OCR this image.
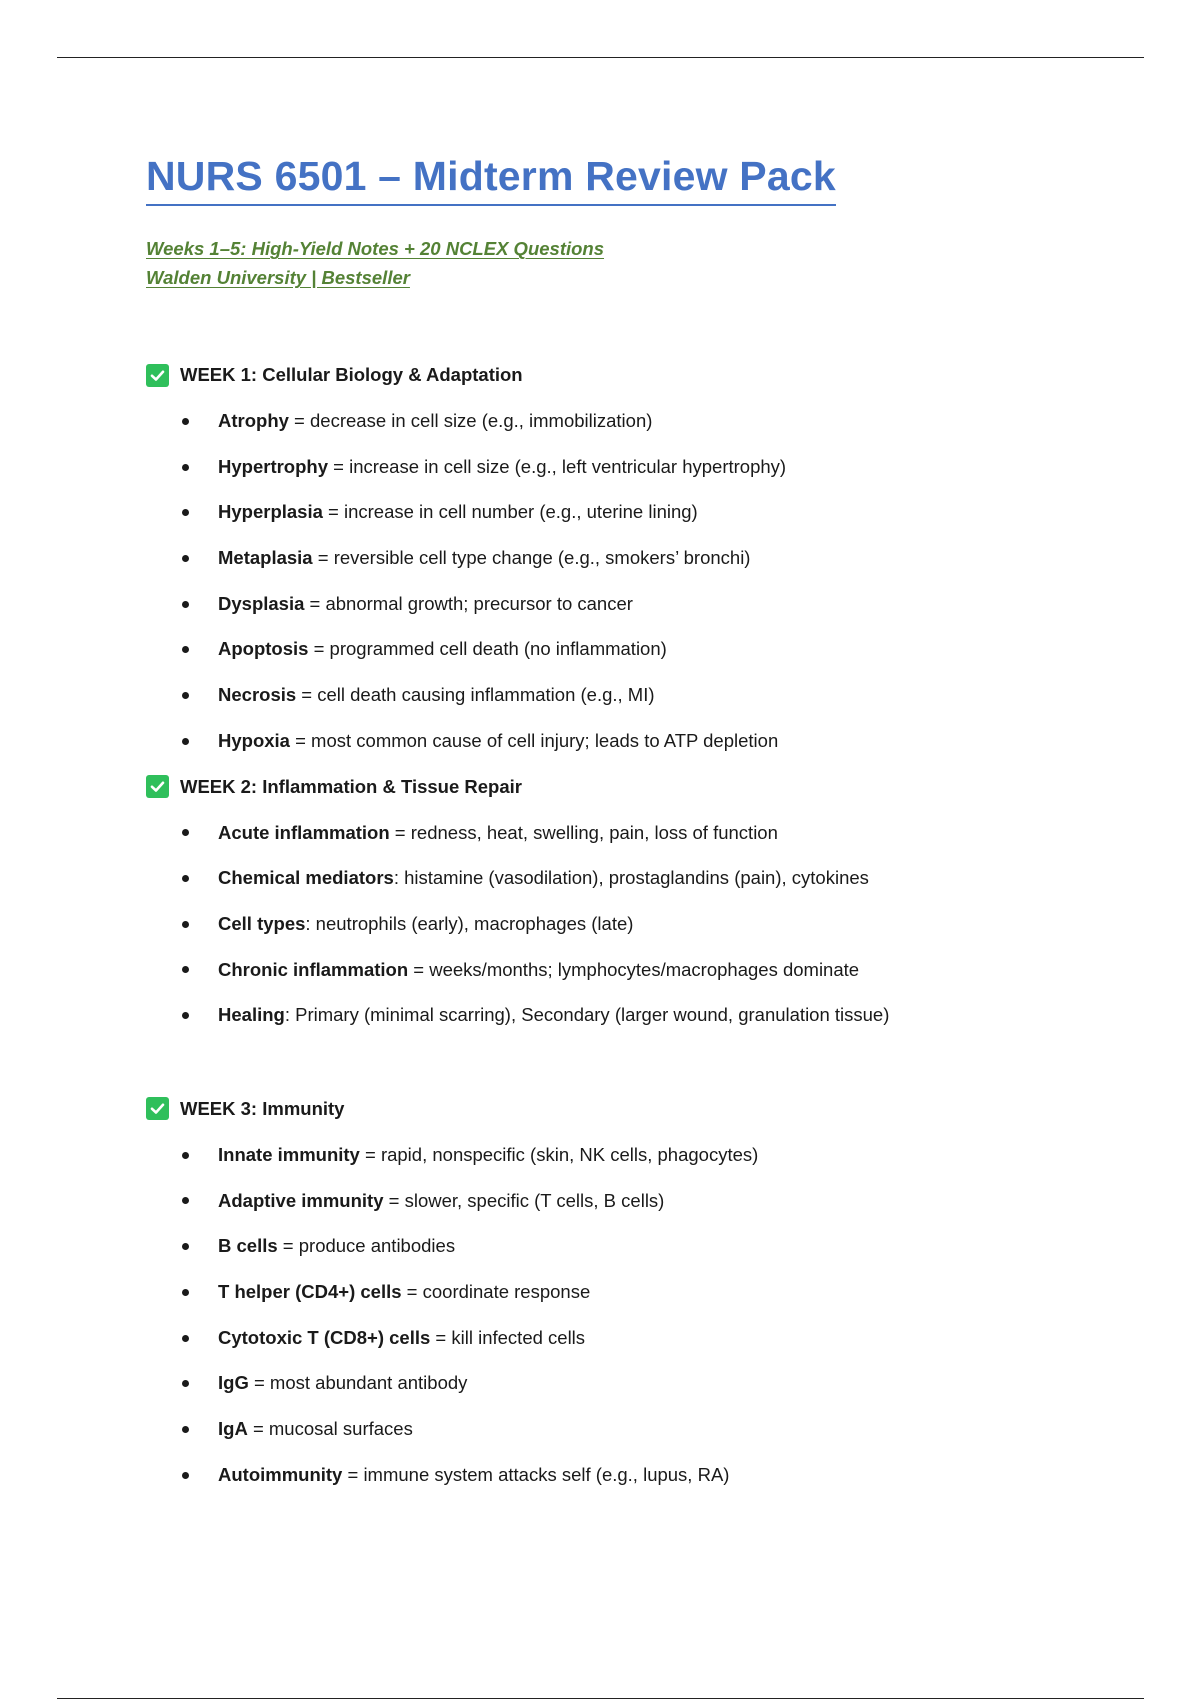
NURS 6501 – Midterm Review Pack
Weeks 1–5: High-Yield Notes + 20 NCLEX Questions
Walden University | Bestseller
WEEK 1: Cellular Biology & Adaptation
Atrophy = decrease in cell size (e.g., immobilization)
Hypertrophy = increase in cell size (e.g., left ventricular hypertrophy)
Hyperplasia = increase in cell number (e.g., uterine lining)
Metaplasia = reversible cell type change (e.g., smokers’ bronchi)
Dysplasia = abnormal growth; precursor to cancer
Apoptosis = programmed cell death (no inflammation)
Necrosis = cell death causing inflammation (e.g., MI)
Hypoxia = most common cause of cell injury; leads to ATP depletion
WEEK 2: Inflammation & Tissue Repair
Acute inflammation = redness, heat, swelling, pain, loss of function
Chemical mediators: histamine (vasodilation), prostaglandins (pain), cytokines
Cell types: neutrophils (early), macrophages (late)
Chronic inflammation = weeks/months; lymphocytes/macrophages dominate
Healing: Primary (minimal scarring), Secondary (larger wound, granulation tissue)
WEEK 3: Immunity
Innate immunity = rapid, nonspecific (skin, NK cells, phagocytes)
Adaptive immunity = slower, specific (T cells, B cells)
B cells = produce antibodies
T helper (CD4+) cells = coordinate response
Cytotoxic T (CD8+) cells = kill infected cells
IgG = most abundant antibody
IgA = mucosal surfaces
Autoimmunity = immune system attacks self (e.g., lupus, RA)
